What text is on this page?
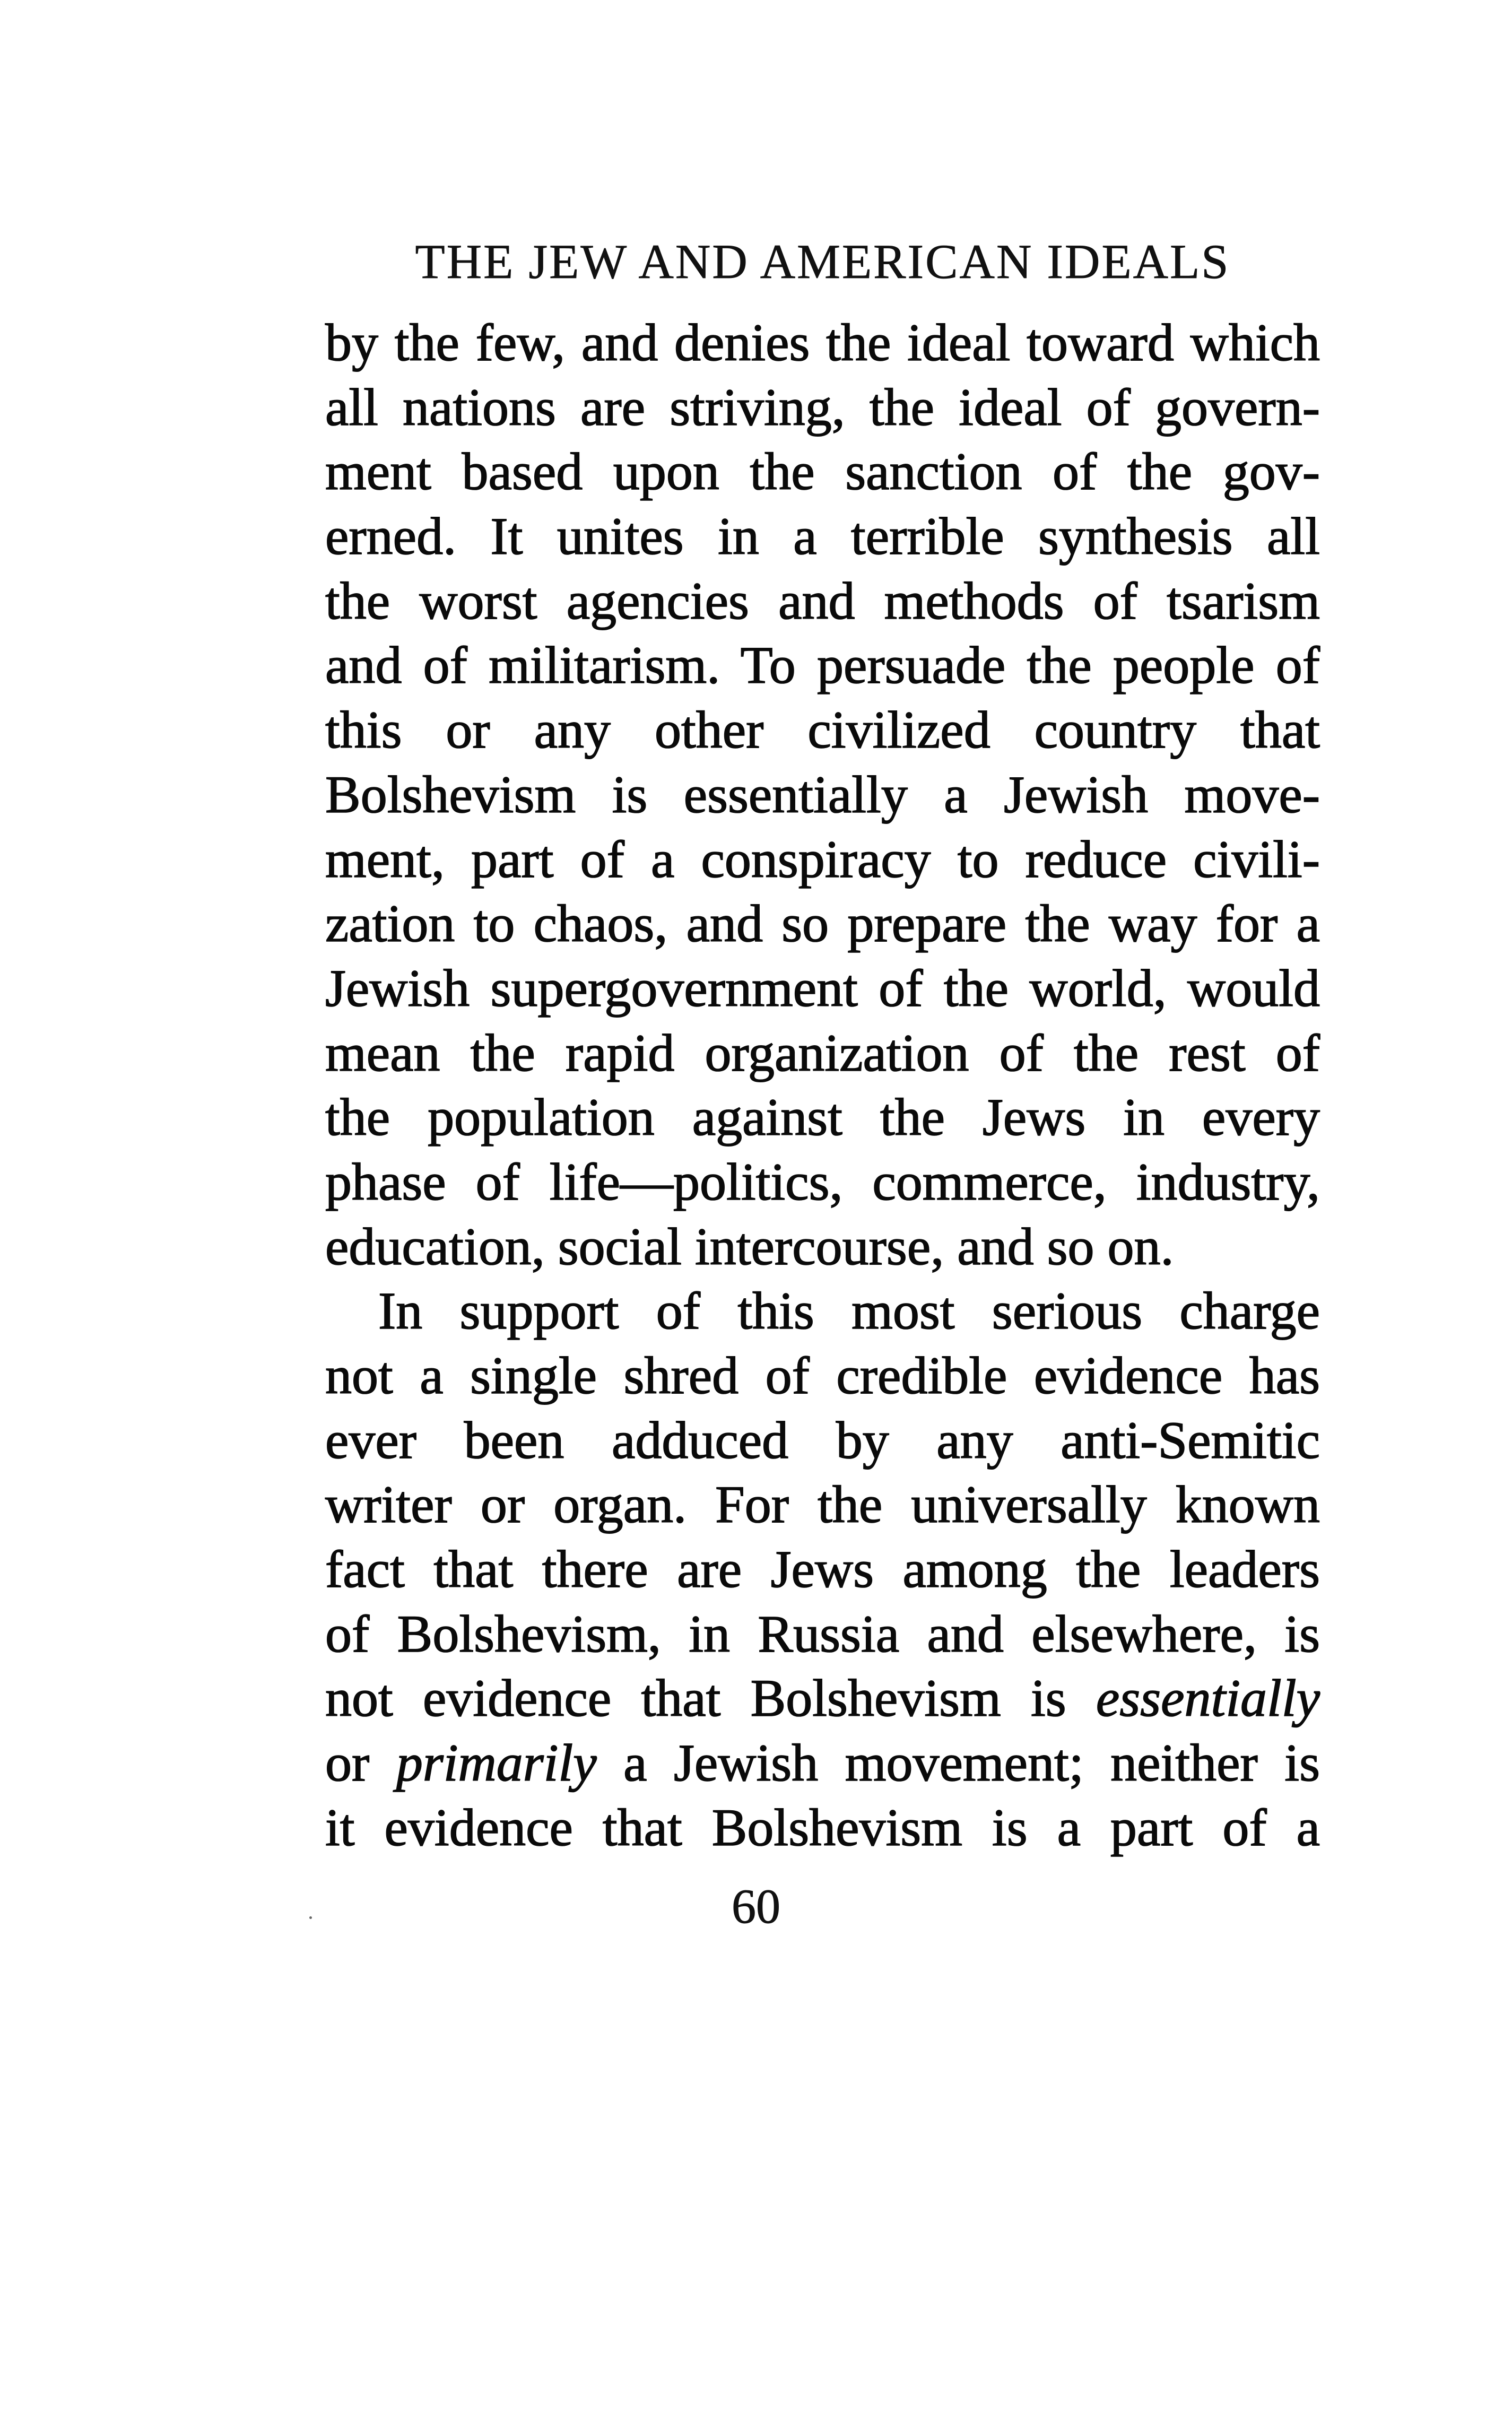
THE JEW AND AMERICAN IDEALS
by the few, and denies the ideal toward which
all nations are striving, the ideal of govern-
ment based upon the sanction of the gov-
erned. It unites in a terrible synthesis all
the worst agencies and methods of tsarism
and of militarism. To persuade the people of
this or any other civilized country that
Bolshevism is essentially a Jewish move-
ment, part of a conspiracy to reduce civili-
zation to chaos, and so prepare the way for a
Jewish supergovernment of the world, would
mean the rapid organization of the rest of
the population against the Jews in every
phase of life—politics, commerce, industry,
education, social intercourse, and so on.
In support of this most serious charge
not a single shred of credible evidence has
ever been adduced by any anti-Semitic
writer or organ. For the universally known
fact that there are Jews among the leaders
of Bolshevism, in Russia and elsewhere, is
not evidence that Bolshevism is essentially
or primarily a Jewish movement; neither is
it evidence that Bolshevism is a part of a
60
